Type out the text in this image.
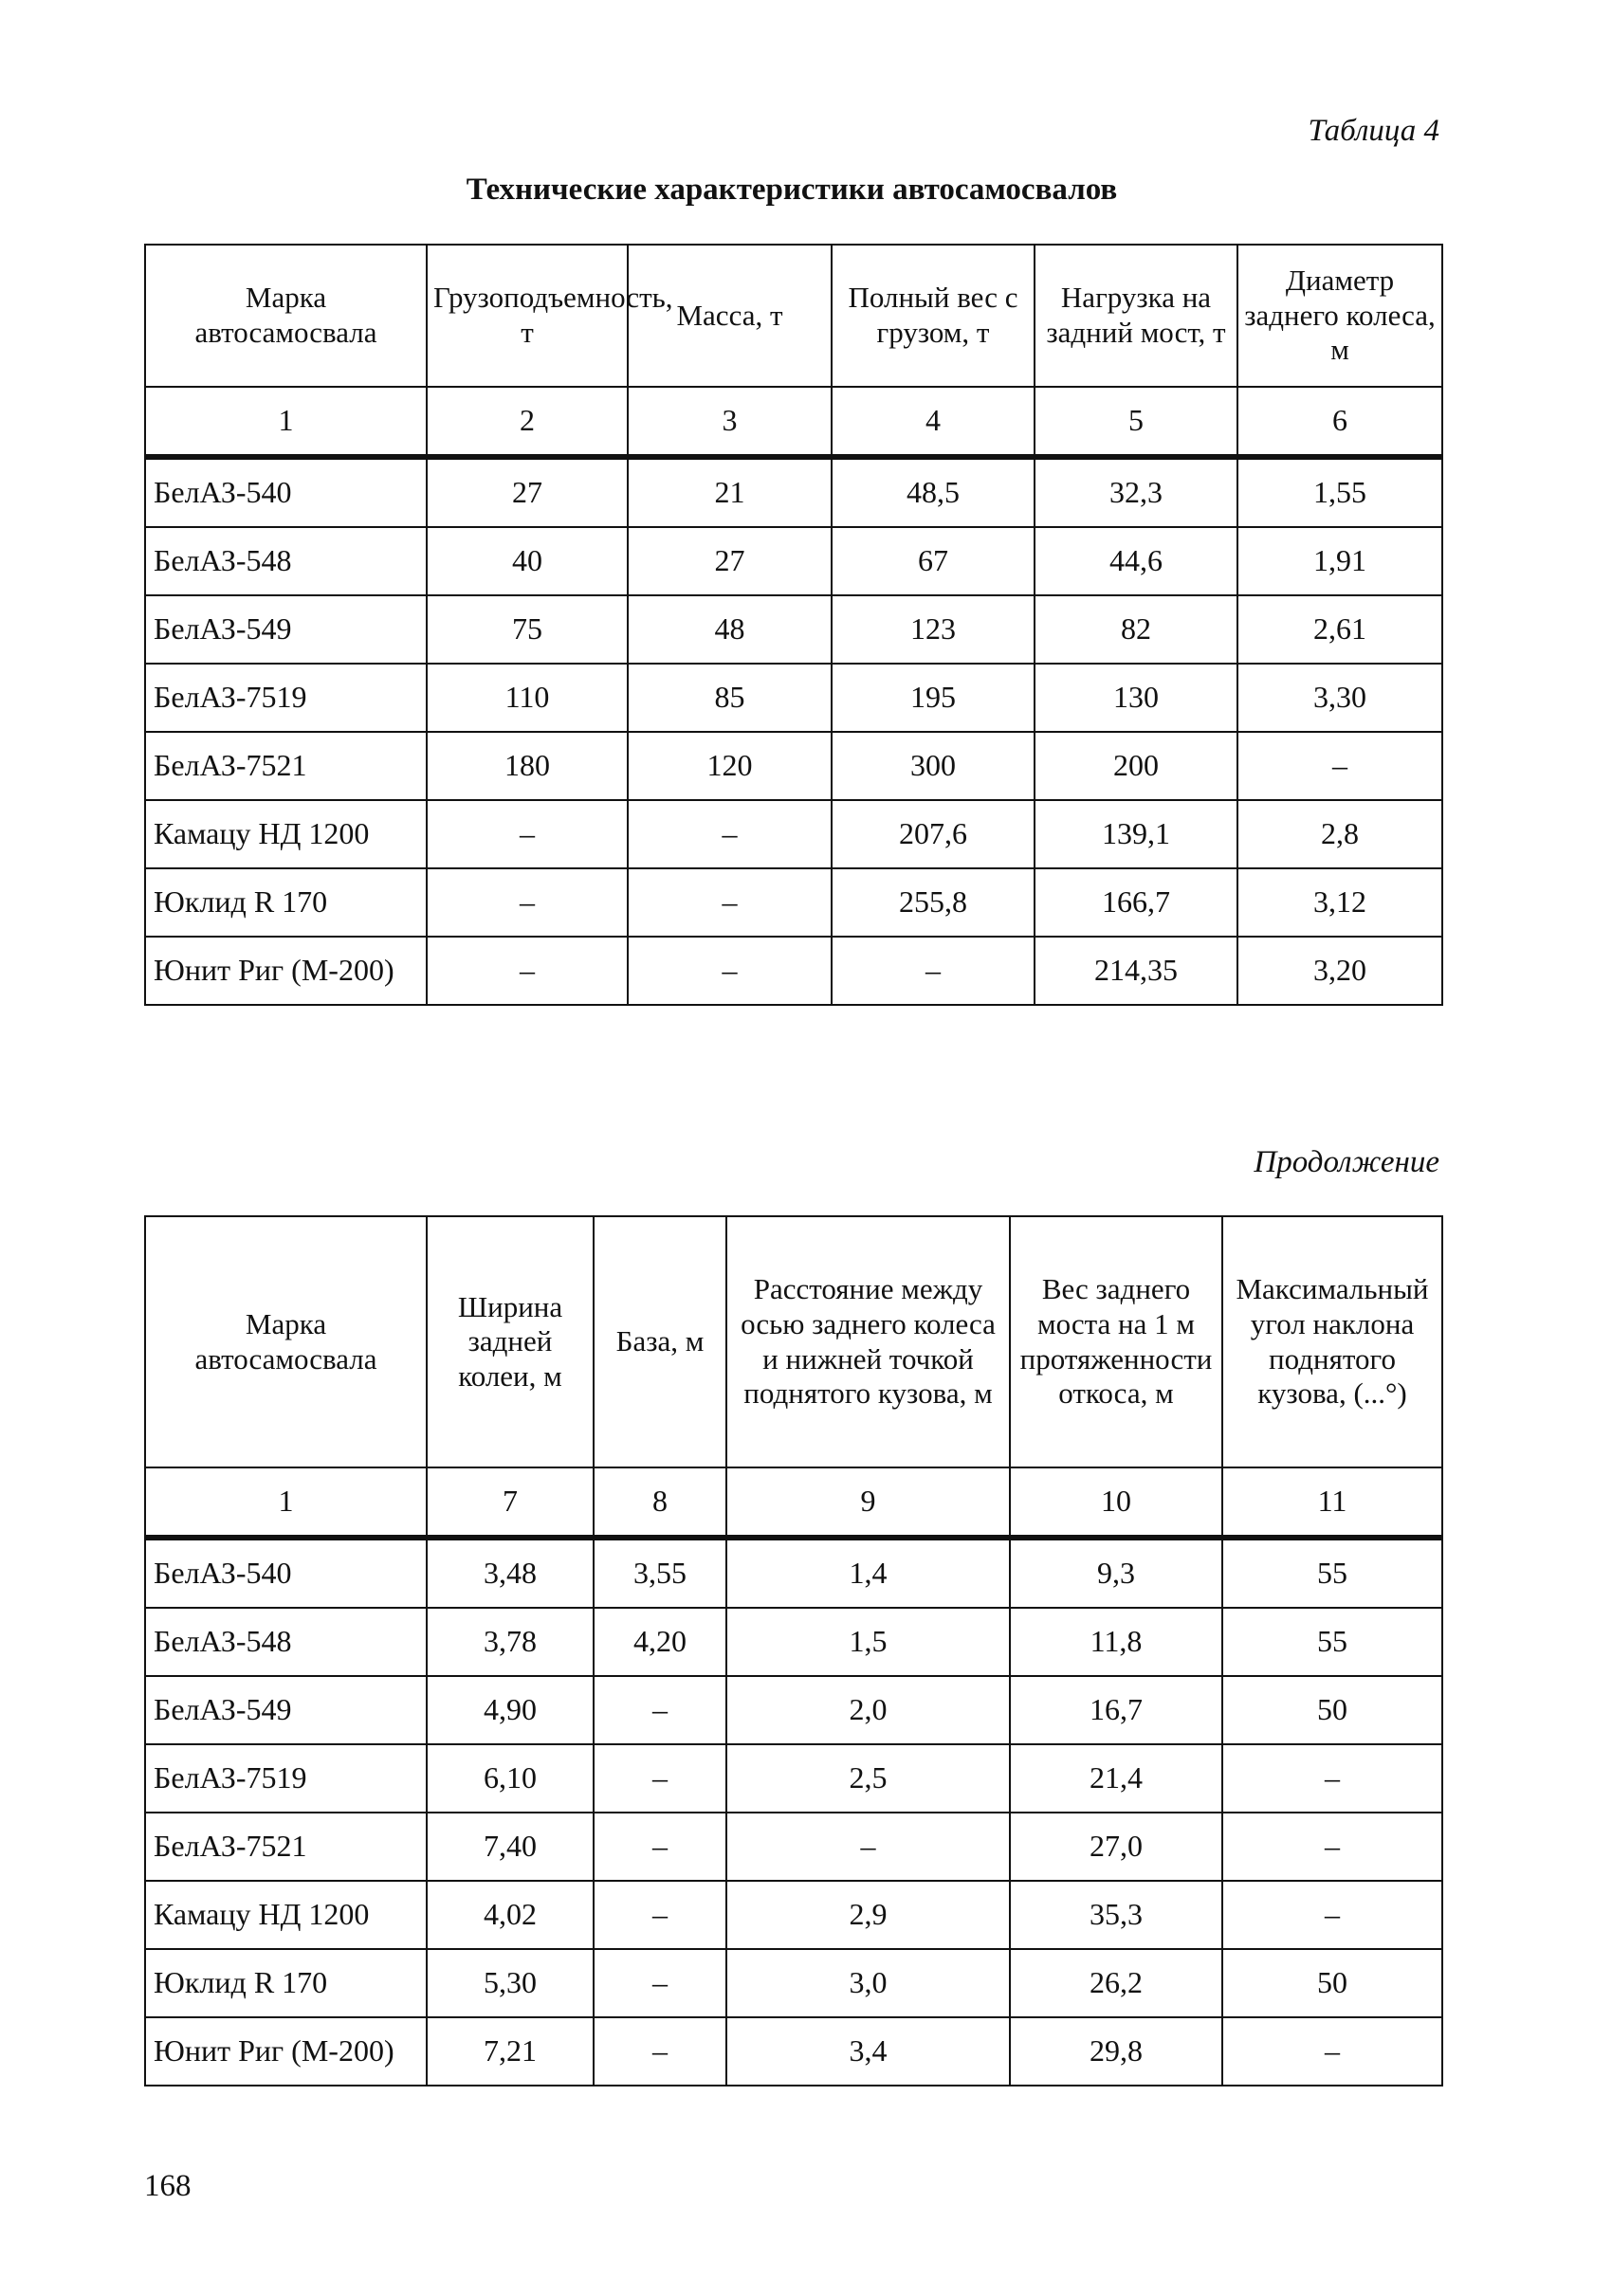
Таблица 4
Технические характеристики автосамосвалов
Марка автосамосвала	Грузоподъемность, т	Масса, т	Полный вес с грузом, т	Нагрузка на задний мост, т	Диаметр заднего колеса, м
1	2	3	4	5	6
БелАЗ-540	27	21	48,5	32,3	1,55
БелАЗ-548	40	27	67	44,6	1,91
БелАЗ-549	75	48	123	82	2,61
БелАЗ-7519	110	85	195	130	3,30
БелАЗ-7521	180	120	300	200	–
Камацу НД 1200	–	–	207,6	139,1	2,8
Юклид R 170	–	–	255,8	166,7	3,12
Юнит Риг (М-200)	–	–	–	214,35	3,20
Продолжение
Марка автосамосвала	Ширина задней колеи, м	База, м	Расстояние между осью заднего колеса и нижней точкой поднятого кузова, м	Вес заднего моста на 1 м протяженности откоса, м	Максимальный угол наклона поднятого кузова, (...°)
1	7	8	9	10	11
БелАЗ-540	3,48	3,55	1,4	9,3	55
БелАЗ-548	3,78	4,20	1,5	11,8	55
БелАЗ-549	4,90	–	2,0	16,7	50
БелАЗ-7519	6,10	–	2,5	21,4	–
БелАЗ-7521	7,40	–	–	27,0	–
Камацу НД 1200	4,02	–	2,9	35,3	–
Юклид R 170	5,30	–	3,0	26,2	50
Юнит Риг (М-200)	7,21	–	3,4	29,8	–
168
